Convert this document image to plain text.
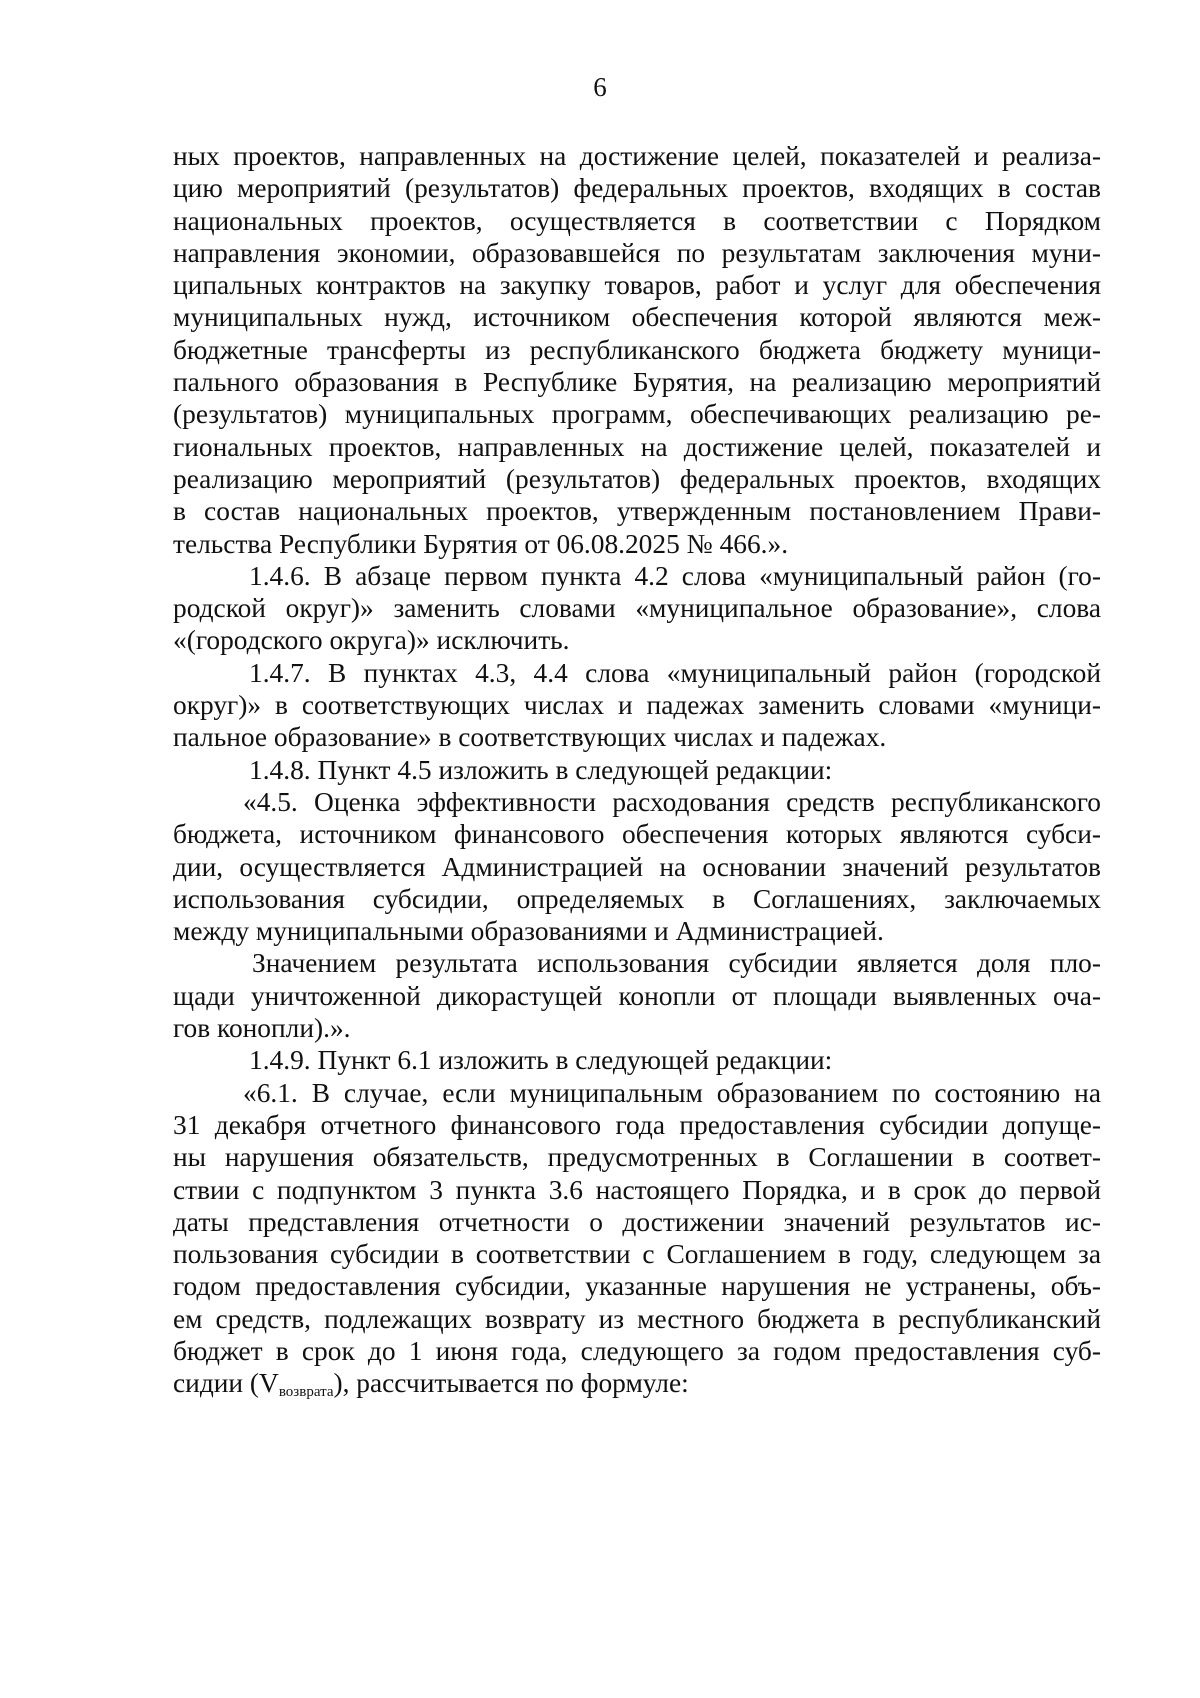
6
ных проектов, направленных на достижение целей, показателей и реализа-
цию мероприятий (результатов) федеральных проектов, входящих в состав
национальных проектов, осуществляется в соответствии с Порядком
направления экономии, образовавшейся по результатам заключения муни-
ципальных контрактов на закупку товаров, работ и услуг для обеспечения
муниципальных нужд, источником обеспечения которой являются меж-
бюджетные трансферты из республиканского бюджета бюджету муници-
пального образования в Республике Бурятия, на реализацию мероприятий
(результатов) муниципальных программ, обеспечивающих реализацию ре-
гиональных проектов, направленных на достижение целей, показателей и
реализацию мероприятий (результатов) федеральных проектов, входящих
в состав национальных проектов, утвержденным постановлением Прави-
тельства Республики Бурятия от 06.08.2025 № 466.».
1.4.6. В абзаце первом пункта 4.2 слова «муниципальный район (го-
родской округ)» заменить словами «муниципальное образование», слова
«(городского округа)» исключить.
1.4.7. В пунктах 4.3, 4.4 слова «муниципальный район (городской
округ)» в соответствующих числах и падежах заменить словами «муници-
пальное образование» в соответствующих числах и падежах.
1.4.8. Пункт 4.5 изложить в следующей редакции:
«4.5. Оценка эффективности расходования средств республиканского
бюджета, источником финансового обеспечения которых являются субси-
дии, осуществляется Администрацией на основании значений результатов
использования субсидии, определяемых в Соглашениях, заключаемых
между муниципальными образованиями и Администрацией.
Значением результата использования субсидии является доля пло-
щади уничтоженной дикорастущей конопли от площади выявленных оча-
гов конопли).».
1.4.9. Пункт 6.1 изложить в следующей редакции:
«6.1. В случае, если муниципальным образованием по состоянию на
31 декабря отчетного финансового года предоставления субсидии допуще-
ны нарушения обязательств, предусмотренных в Соглашении в соответ-
ствии с подпунктом 3 пункта 3.6 настоящего Порядка, и в срок до первой
даты представления отчетности о достижении значений результатов ис-
пользования субсидии в соответствии с Соглашением в году, следующем за
годом предоставления субсидии, указанные нарушения не устранены, объ-
ем средств, подлежащих возврату из местного бюджета в республиканский
бюджет в срок до 1 июня года, следующего за годом предоставления суб-
сидии $(V_{возврата})$, рассчитывается по формуле:
